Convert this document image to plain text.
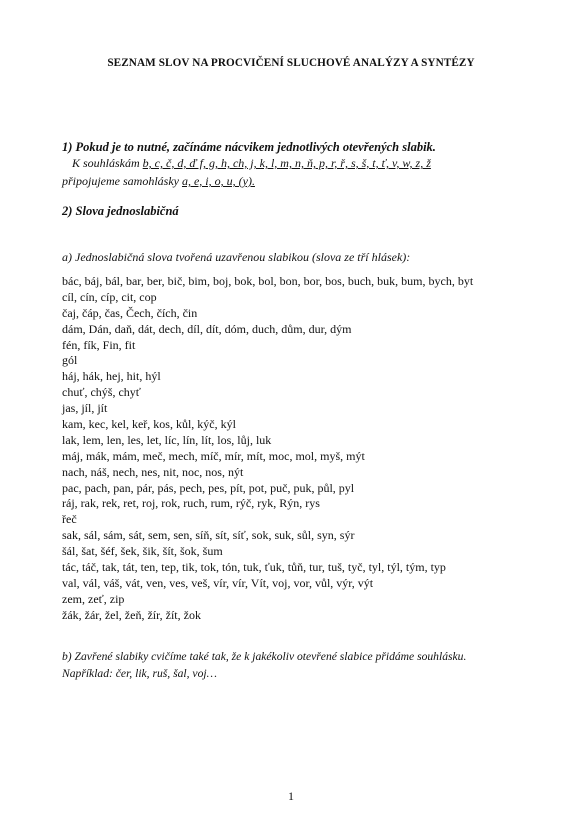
SEZNAM SLOV NA PROCVIČENÍ SLUCHOVÉ ANALÝZY A SYNTÉZY
1) Pokud je to nutné, začínáme nácvikem jednotlivých otevřených slabik.
K souhláskám b, c, č, d, ď f, g, h, ch, j, k, l, m, n, ň, p, r, ř, s, š, t, ť, v, w, z, ž
připojujeme samohlásky a, e, i, o, u, (y).
2) Slova jednoslabičná
a) Jednoslabičná slova tvořená uzavřenou slabikou (slova ze tří hlásek):
bác, báj, bál, bar, ber, bič, bim, boj, bok, bol, bon, bor, bos, buch, buk, bum, bych, byt
cíl, cín, cíp, cit, cop
čaj, čáp, čas, Čech, čích, čin
dám, Dán, daň, dát, dech, díl, dít, dóm, duch, dům, dur, dým
fén, fík, Fin, fit
gól
háj, hák, hej, hit, hýl
chuť, chýš, chyť
jas, jíl, jít
kam, kec, kel, keř, kos, kůl, kýč, kýl
lak, lem, len, les, let, líc, lín, lít, los, lůj, luk
máj, mák, mám, meč, mech, míč, mír, mít, moc, mol, myš, mýt
nach, náš, nech, nes, nit, noc, nos, nýt
pac, pach, pan, pár, pás, pech, pes, pít, pot, puč, puk, půl, pyl
ráj, rak, rek, ret, roj, rok, ruch, rum, rýč, ryk, Rýn, rys
řeč
sak, sál, sám, sát, sem, sen, síň, sít, síť, sok, suk, sůl, syn, sýr
šál, šat, šéf, šek, šik, šít, šok, šum
tác, táč, tak, tát, ten, tep, tik, tok, tón, tuk, ťuk, tůň, tur, tuš, tyč, tyl, týl, tým, typ
val, vál, váš, vát, ven, ves, veš, vír, vír, Vít, voj, vor, vůl, výr, výt
zem, zeť, zip
žák, žár, žel, žeň, žír, žít, žok
b) Zavřené slabiky cvičíme také tak, že k jakékoliv otevřené slabice přidáme souhlásku.
Například: čer, lik, ruš, šal, voj…
1
